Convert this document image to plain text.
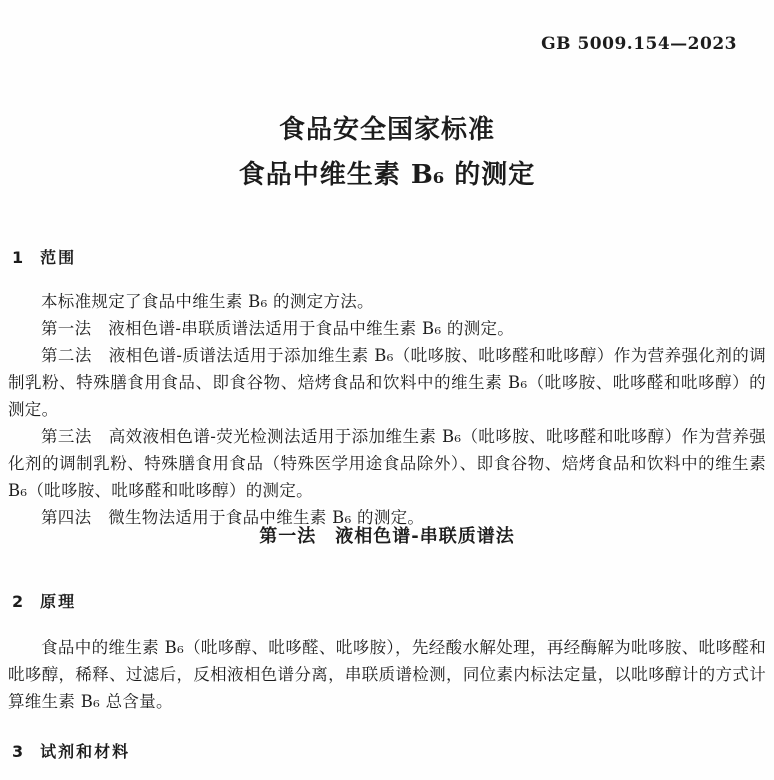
GB 5009.154—2023
食品安全国家标准
食品中维生素 B₆ 的测定
1 范围

本标准规定了食品中维生素 B₆ 的测定方法。

第一法　液相色谱-串联质谱法适用于食品中维生素 B₆ 的测定。

第二法　液相色谱-质谱法适用于添加维生素 B₆（吡哆胺、吡哆醛和吡哆醇）作为营养强化剂的调制乳粉、特殊膳食用食品、即食谷物、焙烤食品和饮料中的维生素 B₆（吡哆胺、吡哆醛和吡哆醇）的测定。

第三法　高效液相色谱-荧光检测法适用于添加维生素 B₆（吡哆胺、吡哆醛和吡哆醇）作为营养强化剂的调制乳粉、特殊膳食用食品（特殊医学用途食品除外）、即食谷物、焙烤食品和饮料中的维生素 B₆（吡哆胺、吡哆醛和吡哆醇）的测定。

第四法　微生物法适用于食品中维生素 B₆ 的测定。

第一法　液相色谱-串联质谱法
2 原理

食品中的维生素 B₆（吡哆醇、吡哆醛、吡哆胺），先经酸水解处理，再经酶解为吡哆胺、吡哆醛和吡哆醇，稀释、过滤后，反相液相色谱分离，串联质谱检测，同位素内标法定量，以吡哆醇计的方式计算维生素 B₆ 总含量。

3 试剂和材料
